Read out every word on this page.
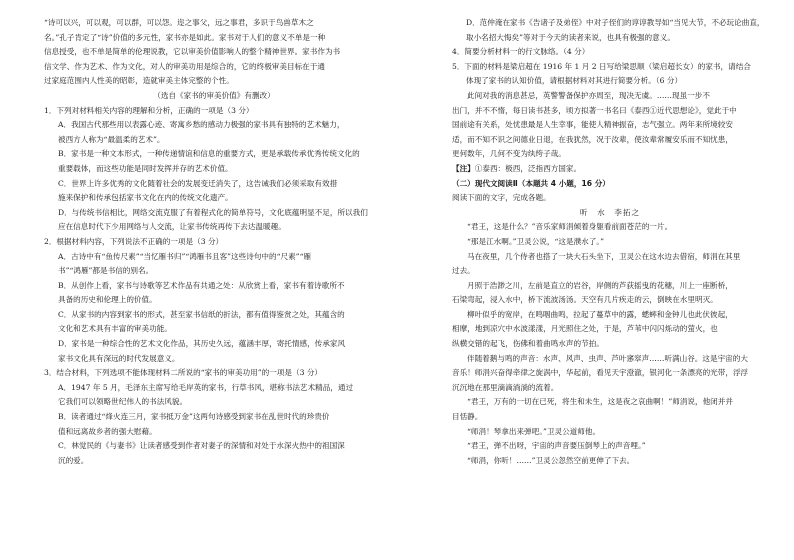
“诗可以兴，可以观，可以群，可以怨。迩之事父，远之事君，多识于鸟兽草木之
名。”孔子肯定了“诗”价值的多元性，家书亦是如此。家书对于人们的意义不单是一种
信息授受，也不单是简单的伦理说教，它以审美价值影响人的整个精神世界。家书作为书
信文学、作为艺术、作为文化，对人的审美功用是综合的，它的终极审美目标在于通
过家庭范围内人性美的昭彰，造就审美主体完整的个性。
（选自《家书的审美价值》有删改）
1．下列对材料相关内容的理解和分析，正确的一项是（3 分）
A．我国古代那些用以表露心迹、寄寓乡愁的感动力极强的家书具有独特的艺术魅力，
被西方人称为“最温柔的艺术”。
B．家书是一种文本形式，一种传递情谊和信息的重要方式，更是承载传承优秀传统文化的
重要载体，而这些功能是同时发挥并存的艺术价值。
C．世界上许多优秀的文化随着社会的发展变迁消失了，这告诫我们必须采取有效措
施来保护和传承包括家书文化在内的传统文化遗产。
D．与传统书信相比，网络交流克服了有着程式化的简单符号，文化底蕴明显不足，所以我们
应在信息时代下少用网络与人交流，让家书传统再传下去达温暖趣。
2．根据材料内容，下列说法不正确的一项是（3 分）
A．古诗中有“鱼传尺素”“当忆雁书归”“鸿雁书且客”这些诗句中的“尺素”“雁
书”“鸿雁”都是书信的别名。
B．从创作上看，家书与诗歌等艺术作品有共通之处：从欣赏上看，家书有着诗歌所不
具备的历史和伦理上的价值。
C．从家书的内容到家书的形式，甚至家书信纸的折法，都有值得鉴赏之处，其蕴含的
文化和艺术具有丰富的审美功能。
D．家书是一种综合性的艺术文化作品，其历史久远，蕴涵丰厚，寄托情感，传承家风
家书文化具有深远的时代发展意义。
3．结合材料，下列选项不能体现材料二所说的“家书的审美功用”的一项是（3 分）
A．1947 年 5 月，毛泽东主席写给毛岸英的家书，行草书风，堪称书法艺术精品，通过
它我们可以领略世纪伟人的书法风貌。
B．读者通过“烽火连三月，家书抵万金”这两句诗感受到家书在乱世时代的珍贵价
值和远离故乡者的强大慰藉。
C．林觉民的《与妻书》让读者感受到作者对妻子的深情和对处于水深火热中的祖国深
沉的爱。
D．范仲淹在家书《告诸子及弟侄》中对子侄们的谆谆教导如“当见大节，不必玩论曲直，
取小名招大悔矣”等对于今天的读者来说，也具有极强的意义。
4．简要分析材料一的行文脉络。（4 分）
5．下面的材料是梁启超在 1916 年 1 月 2 日写给梁思顺（梁启超长女）的家书，请结合
体现了家书的认知价值，请根据材料对其进行简要分析。（6 分）
此间对我的消息甚忌，英警警备保护亦周至，现决无虞。……现虽一步不
出门，并不不惰，每日读书甚多，顷方拟著一书名曰《泰西①近代思想论》，觉此于中
国前途有关系，处忧患最是人生幸事，能使人精神振奋，志气强立。两年来所境较安
适，而不知不识之间德业日退，在我犹然，况于汝辈，使汝辈常履安乐而不知忧患，
更何数年，几何不变为纨绔子哉。
【注】①泰西：极西，泛指西方国家。
（二）现代文阅读Ⅱ（本题共 4 小题，16 分）
阅读下面的文字，完成各题。
听　水　李拓之
“君王，这是什么？”音乐家师涓倾着身躯看前面苍茫的一片。
“那是江水啊。”卫灵公说，“这是濮水了。”
马在夜里，几个侍者也搭了一块大石头坐下，卫灵公在这水边去借宿，师涓在其里
过去。
月照于浩渺之川，左前是直立的岩谷，岸侧的芦荻摇曳的花穗，川上一座断桥，
石梁弯起，浸入水中，桥下流波汤汤。天空有几片疾走的云，倒映在水里明灭。
柳叶似乎的宽岸，在鸣咽曲鸣，拉起了蔓草中的露，蟋蟀和金钟儿也此伏彼起，
相摩，地到凉穴中水波漾漾，月光照住之处，于是，芦苇中闪闪烁动的萤火，也
纵横交错的起飞，伤佛和着曲鸣水声的节拍。
伴随着鹅与鸣的声音：水声、风声、虫声、芦叶窸窣声……听满山谷。这是宇宙的大
音乐！师涓兴奋得牵律之旋涡中，华起前，看见天宇澄澈，银河化一条漂亮的光带，浮浮
沉沉地在那里滴滴淌淌的流着。
“君王，万有的一切在已死，将生和未生，这是夜之哀曲啊！”师涓说，他闭并并
目恬静。
“师涓！琴拿出来弹吧。”卫灵公道师他。
“君王，弹不出呀，宇宙的声音要压倒琴上的声音哩。”
“师涓，你听！……”卫灵公忽然空前更伸了下去。
